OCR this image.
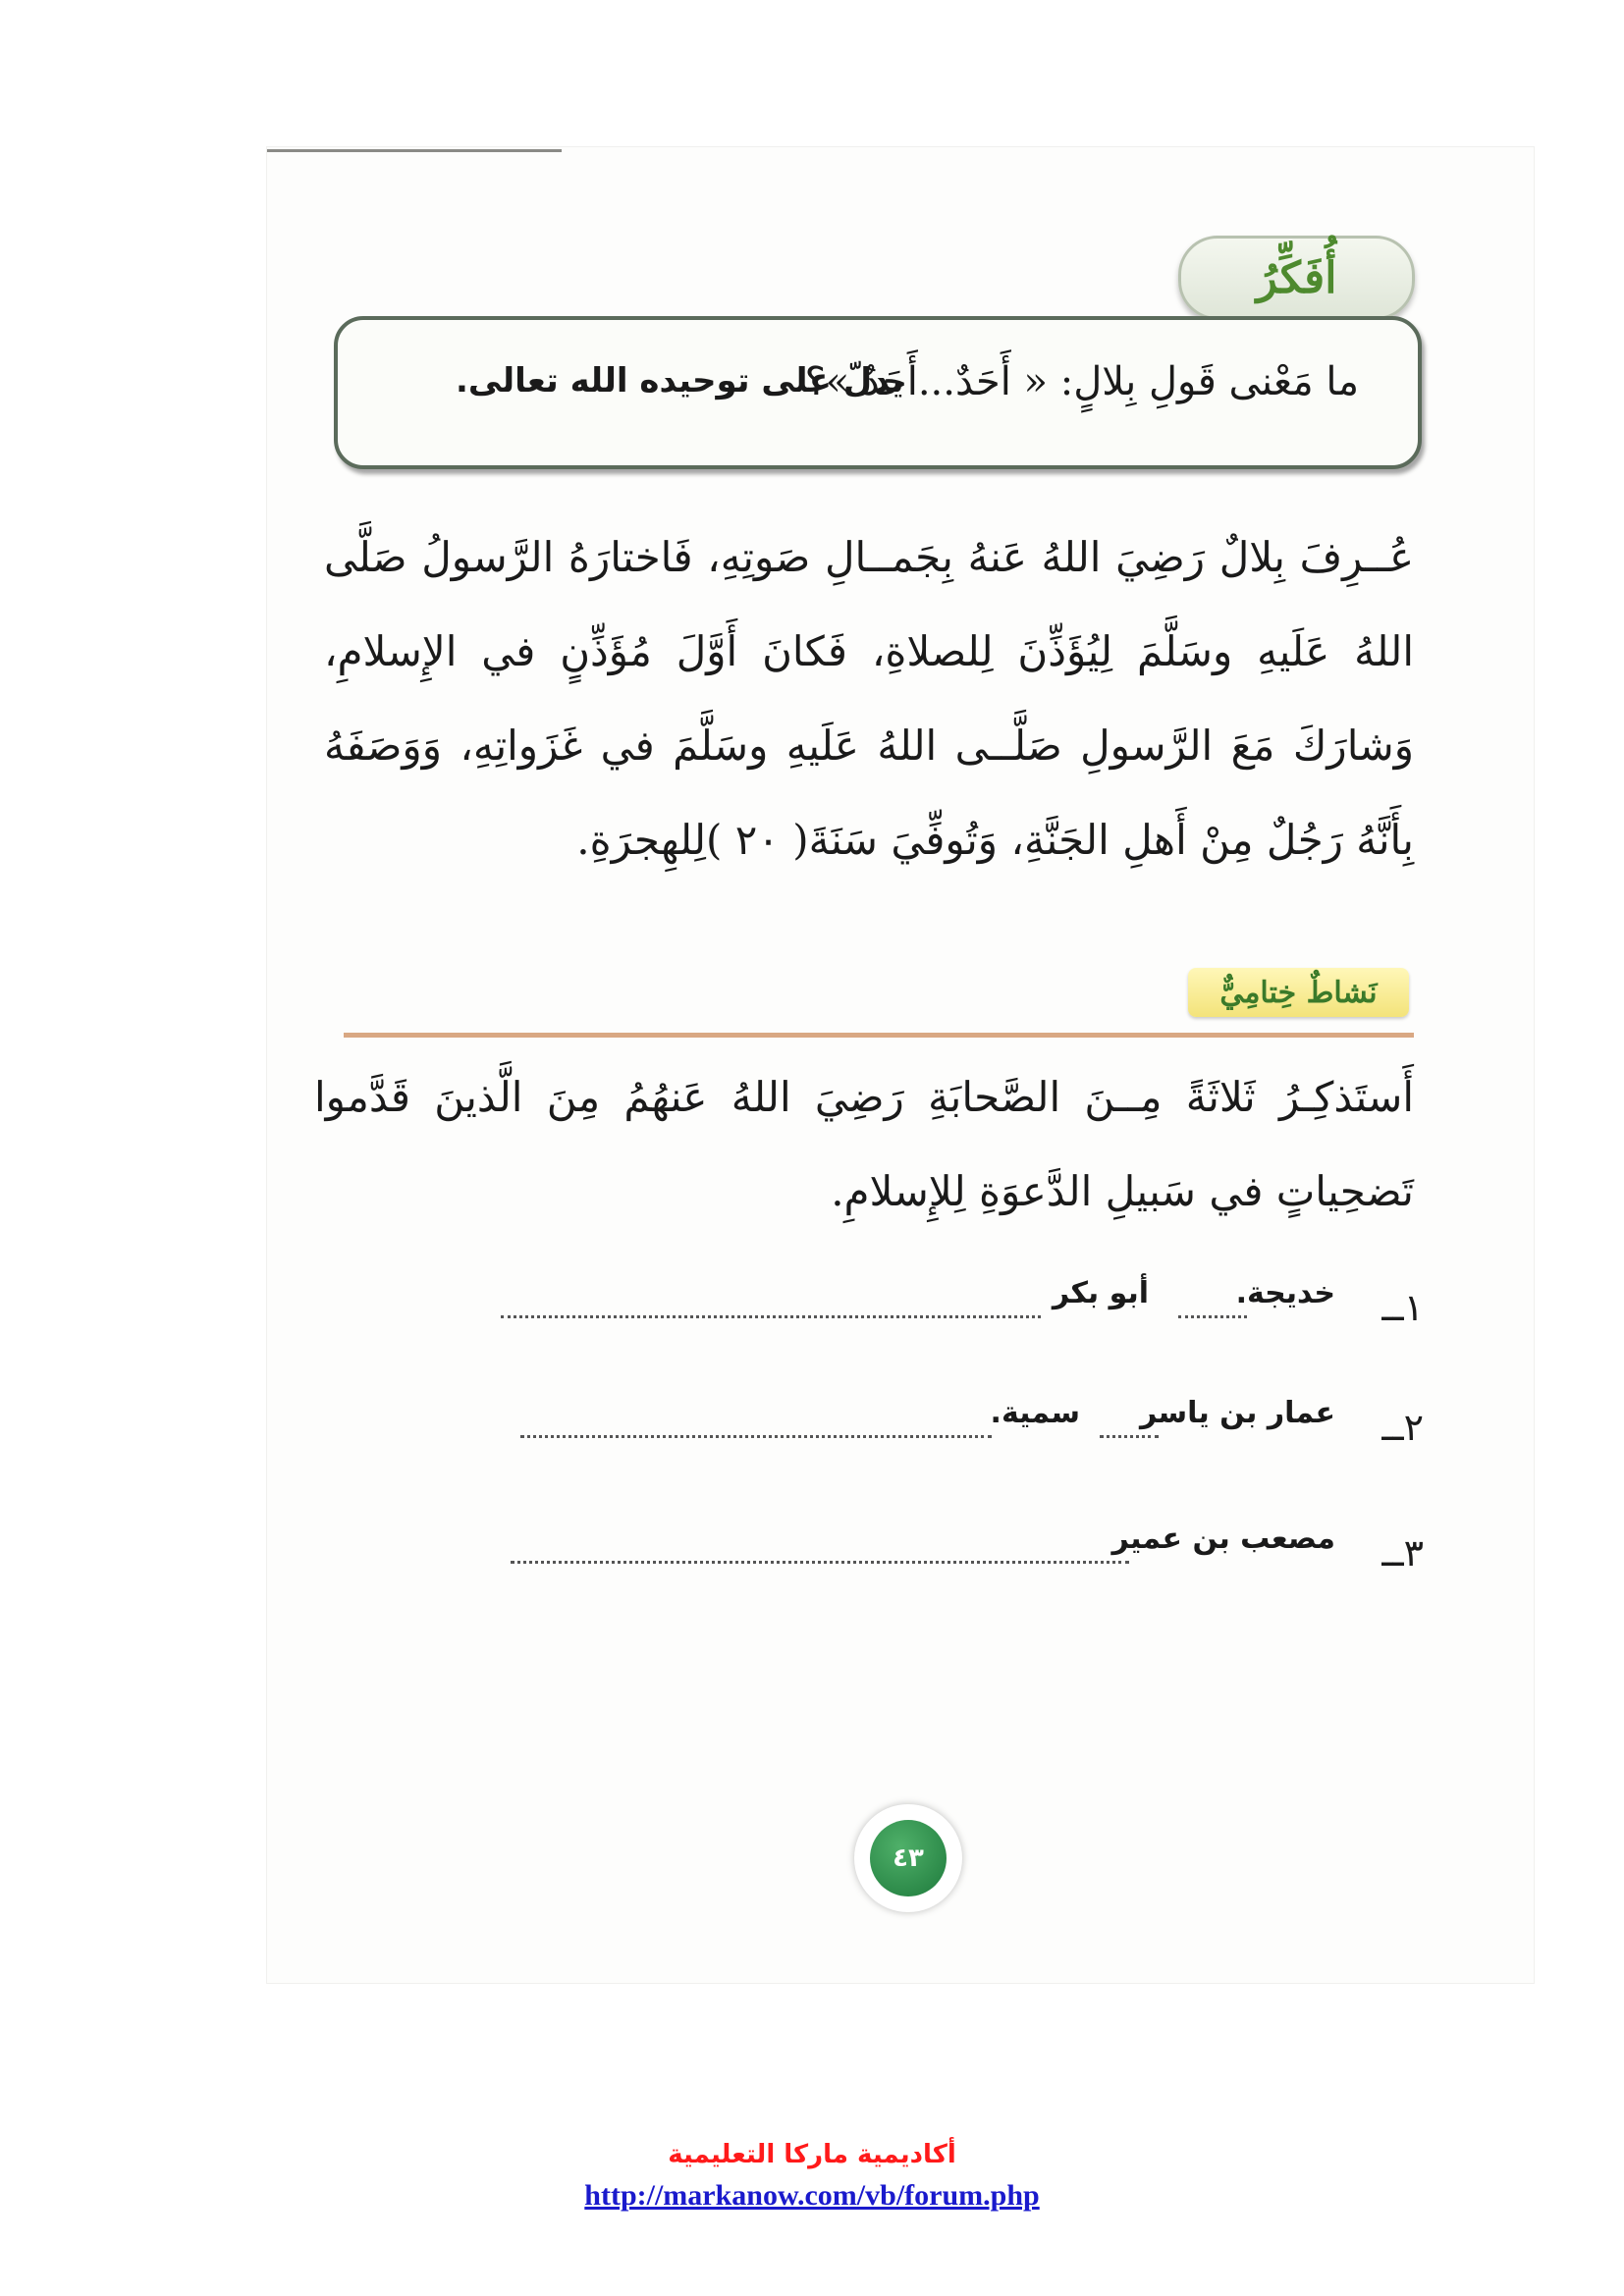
أُفَكِّرُ
ما مَعْنى قَولِ بِلالٍ: « أَحَدٌ...أَحَدٌ »؟
يدلّ على توحيده الله تعالى.
عُــرِفَ بِلالٌ رَضِيَ اللهُ عَنهُ بِجَمــالِ صَوتِهِ، فَاختارَهُ الرَّسولُ صَلَّى اللهُ عَلَيهِ وسَلَّمَ لِيُؤَذِّنَ لِلصلاةِ، فَكانَ أَوَّلَ مُؤَذِّنٍ في الإِسلامِ، وَشارَكَ مَعَ الرَّسولِ صَلَّــى اللهُ عَلَيهِ وسَلَّمَ في غَزَواتِهِ، وَوَصَفَهُ بِأَنَّهُ رَجُلٌ مِنْ أَهلِ الجَنَّةِ، وَتُوفِّيَ سَنَةَ( ٢٠ )لِلهِجرَةِ.
نَشاطٌ خِتامِيٌّ
أَستَذكِـرُ ثَلاثَةً مِــنَ الصَّحابَةِ رَضِيَ اللهُ عَنهُمُ مِنَ الَّذينَ قَدَّموا تَضحِياتٍ في سَبيلِ الدَّعوَةِ لِلإِسلامِ.
١ــ
خديجة.
أبو بكر
٢ــ
عمار بن ياسر
سمية.
٣ــ
مصعب بن عمير
٤٣
أكاديمية ماركا التعليمية
http://markanow.com/vb/forum.php
